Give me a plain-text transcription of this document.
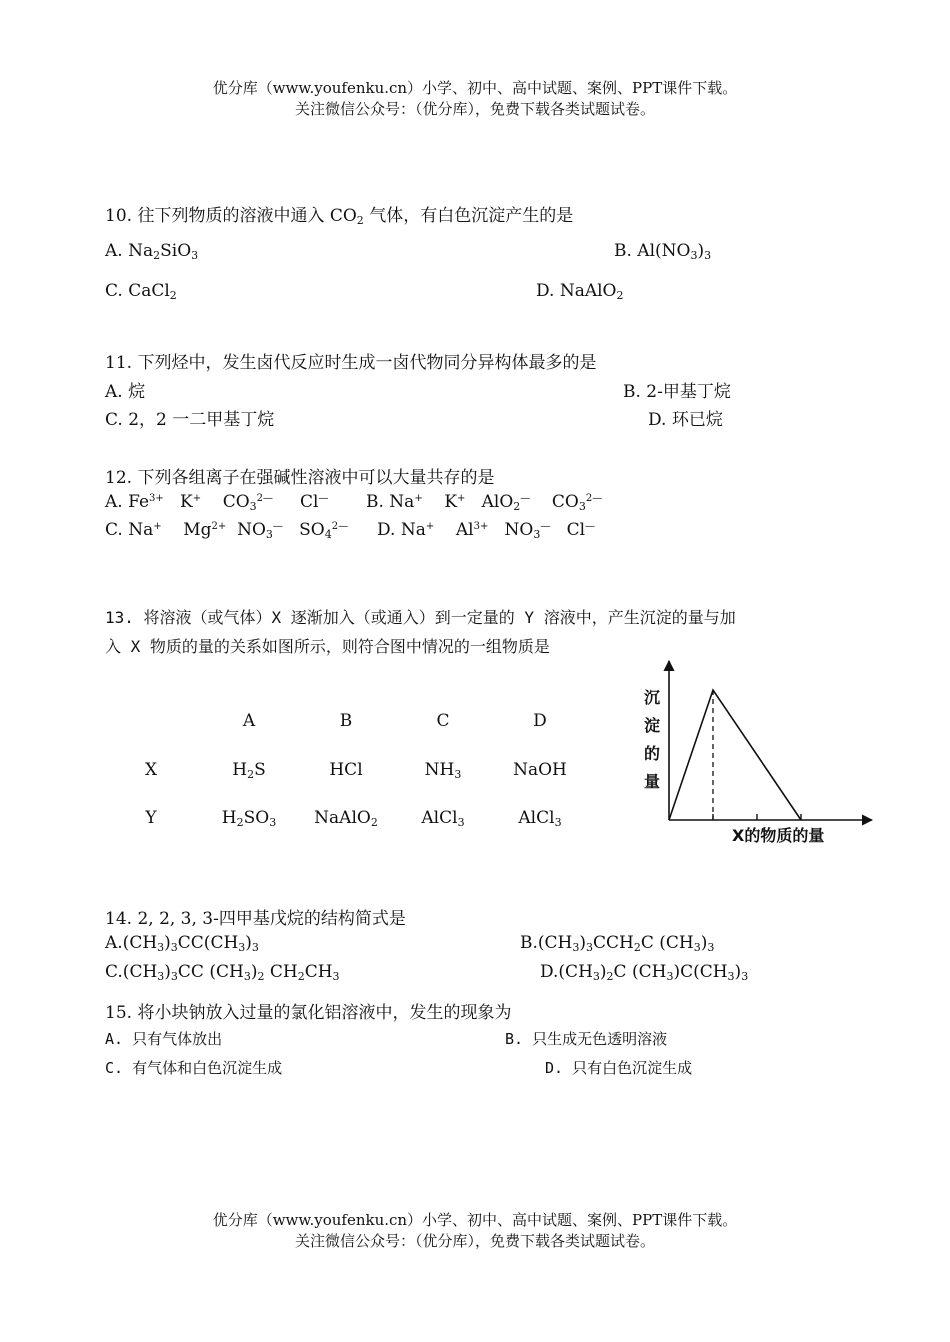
优分库（www.youfenku.cn）小学、初中、高中试题、案例、PPT课件下载。
关注微信公众号：（优分库），免费下载各类试题试卷。
10. 往下列物质的溶液中通入 $CO_2$ 气体，有白色沉淀产生的是
A. $Na_2SiO_3$	B. $Al(NO_3)_3$
C. CaCl$_2$	D. NaAlO$_2$
11. 下列烃中，发生卤代反应时生成一卤代物同分异构体最多的是
A. 烷	B. 2-甲基丁烷
C. 2，2 一二甲基丁烷	D. 环已烷
12. 下列各组离子在强碱性溶液中可以大量共存的是
A. $Fe^{3+}$   K+    $CO_3^{2—}$     Cl— B. Na+    K+   AlO$_2$—    $CO_3^{2—}$
C. Na+    $Mg^{2+}$  $NO_3^—$   $SO_4^{2—}$ D. Na+    $Al^{3+}$   $NO_3^—$   Cl—
13. 将溶液（或气体）X 逐渐加入（或通入）到一定量的 Y 溶液中，产生沉淀的量与加
入 X 物质的量的关系如图所示，则符合图中情况的一组物质是
A	B	C	D
X	$H_2S$	HCl	$NH_3$	NaOH
Y	$H_2SO_3$	NaAlO$_2$	AlCl$_3$	AlCl$_3$
沉
淀
的
量
X的物质的量
14. 2, 2, 3, 3-四甲基戊烷的结构简式是
$A.(CH_3)_3CC(CH_3)_3$	$B.(CH_3)_3CCH_2C$ $(CH_3)_3$
$C.(CH_3)_3CC$ $(CH_3)_2$ $CH_2CH_3$	$D.(CH_3)_2C$ $(CH_3)C(CH_3)_3$
15. 将小块钠放入过量的氯化铝溶液中，发生的现象为
A. 只有气体放出	B. 只生成无色透明溶液
C. 有气体和白色沉淀生成	D. 只有白色沉淀生成
优分库（www.youfenku.cn）小学、初中、高中试题、案例、PPT课件下载。
关注微信公众号：（优分库），免费下载各类试题试卷。
